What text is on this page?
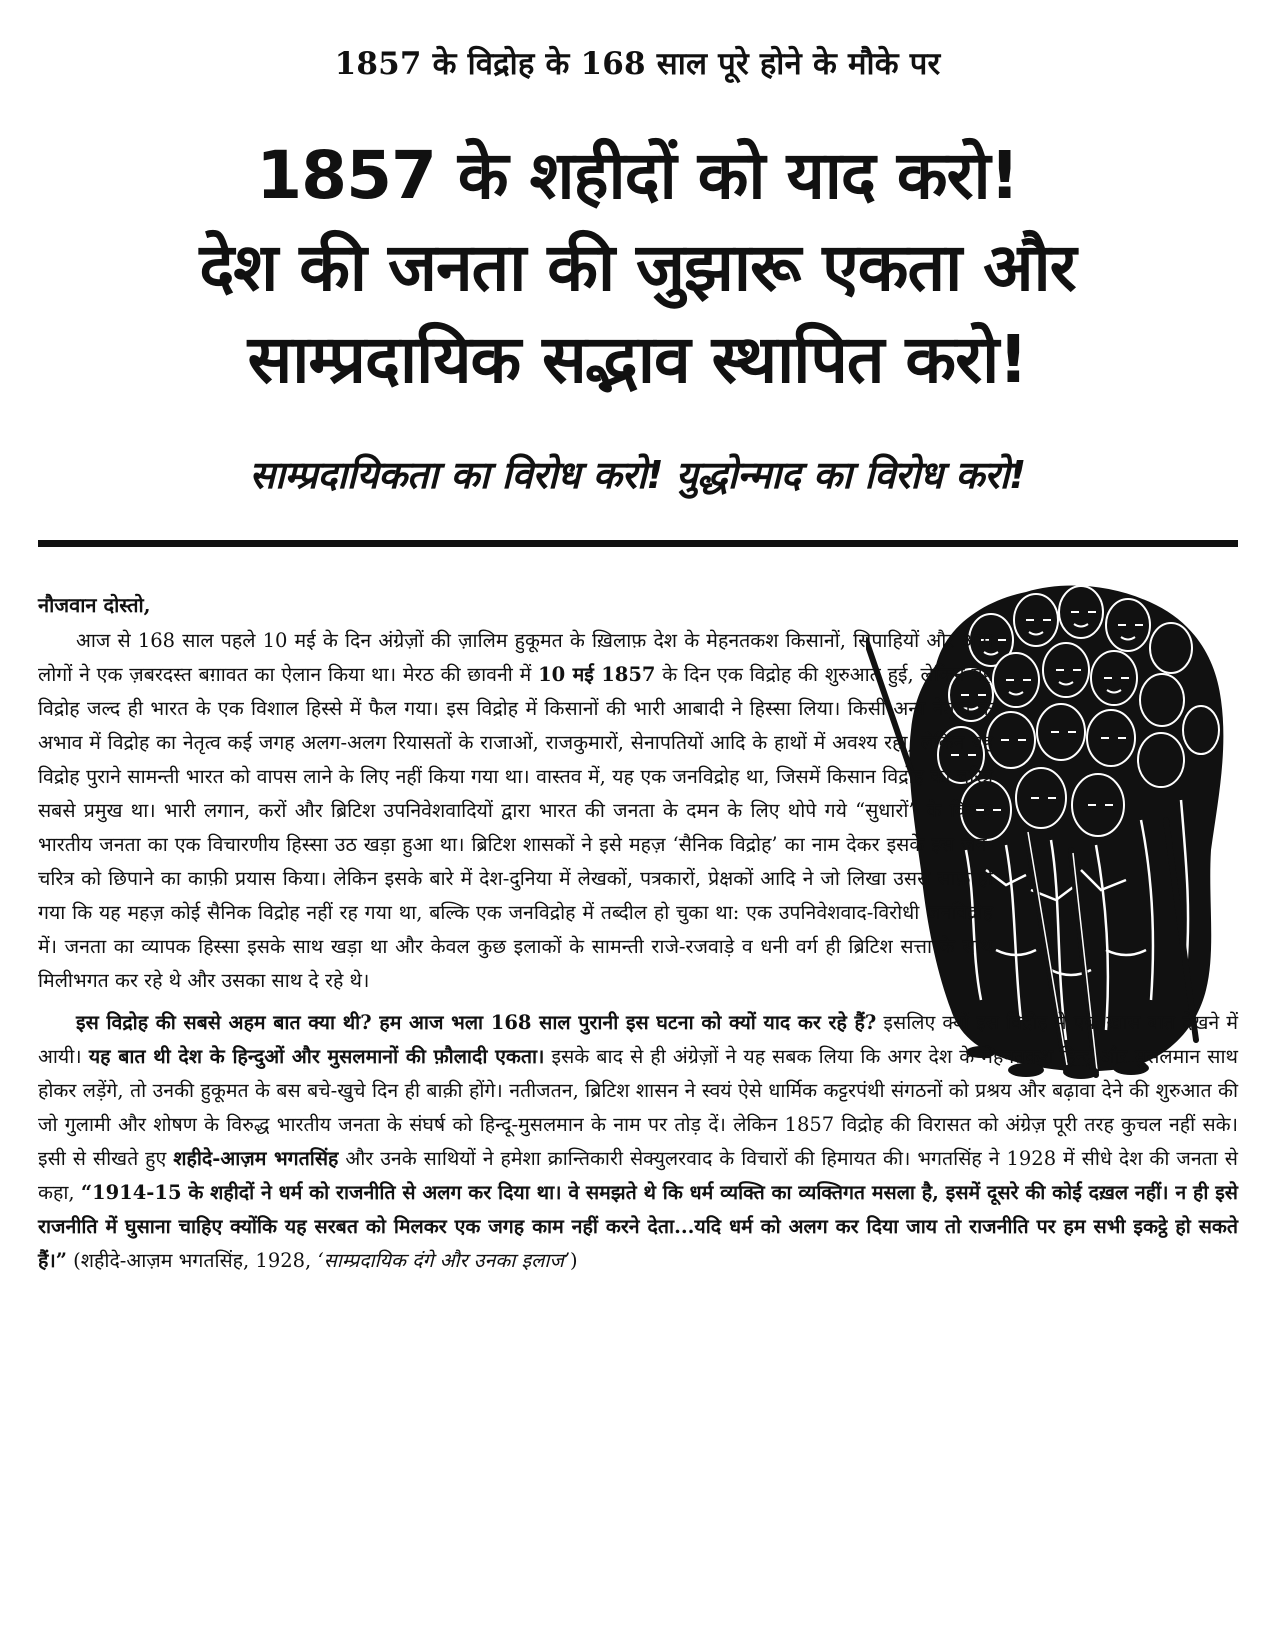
1857 के विद्रोह के 168 साल पूरे होने के मौके पर
1857 के शहीदों को याद करो!
देश की जनता की जुझारू एकता और
साम्प्रदायिक सद्भाव स्थापित करो!
साम्प्रदायिकता का विरोध करो! युद्धोन्माद का विरोध करो!
नौजवान दोस्तो,

आज से 168 साल पहले 10 मई के दिन अंग्रेज़ों की ज़ालिम हुकूमत के ख़िलाफ़ देश के मेहनतकश किसानों, सिपाहियों और आम लोगों ने एक ज़बरदस्त बग़ावत का ऐलान किया था। मेरठ की छावनी में 10 मई 1857 के दिन एक विद्रोह की शुरुआत हुई, लेकिन यह विद्रोह जल्द ही भारत के एक विशाल हिस्से में फैल गया। इस विद्रोह में किसानों की भारी आबादी ने हिस्सा लिया। किसी अन्य नेतृत्व के अभाव में विद्रोह का नेतृत्व कई जगह अलग-अलग रियासतों के राजाओं, राजकुमारों, सेनापतियों आदि के हाथों में अवश्य रहा, लेकिन यह विद्रोह पुराने सामन्ती भारत को वापस लाने के लिए नहीं किया गया था। वास्तव में, यह एक जनविद्रोह था, जिसमें किसान विद्रोह का चरित्र सबसे प्रमुख था। भारी लगान, करों और ब्रिटिश उपनिवेशवादियों द्वारा भारत की जनता के दमन के लिए थोपे गये “सुधारों” के विरुद्ध भारतीय जनता का एक विचारणीय हिस्सा उठ खड़ा हुआ था। ब्रिटिश शासकों ने इसे महज़ ‘सैनिक विद्रोह’ का नाम देकर इसके इस जन-चरित्र को छिपाने का काफ़ी प्रयास किया। लेकिन इसके बारे में देश-दुनिया में लेखकों, पत्रकारों, प्रेक्षकों आदि ने जो लिखा उससे साफ़ हो गया कि यह महज़ कोई सैनिक विद्रोह नहीं रह गया था, बल्कि एक जनविद्रोह में तब्दील हो चुका था: एक उपनिवेशवाद-विरोधी जनविद्रोह में। जनता का व्यापक हिस्सा इसके साथ खड़ा था और केवल कुछ इलाकों के सामन्ती राजे-रजवाड़े व धनी वर्ग ही ब्रिटिश सत्ता के साथ मिलीभगत कर रहे थे और उसका साथ दे रहे थे।

इस विद्रोह की सबसे अहम बात क्या थी? हम आज भला 168 साल पुरानी इस घटना को क्यों याद कर रहे हैं? इसलिए क्यों इस विद्रोह में एक ख़ास बात देखने में आयी। यह बात थी देश के हिन्दुओं और मुसलमानों की फ़ौलादी एकता। इसके बाद से ही अंग्रेज़ों ने यह सबक लिया कि अगर देश के मेहनतकश हिन्दू और मुसलमान साथ होकर लड़ेंगे, तो उनकी हुकूमत के बस बचे-खुचे दिन ही बाक़ी होंगे। नतीजतन, ब्रिटिश शासन ने स्वयं ऐसे धार्मिक कट्टरपंथी संगठनों को प्रश्रय और बढ़ावा देने की शुरुआत की जो गुलामी और शोषण के विरुद्ध भारतीय जनता के संघर्ष को हिन्दू-मुसलमान के नाम पर तोड़ दें। लेकिन 1857 विद्रोह की विरासत को अंग्रेज़ पूरी तरह कुचल नहीं सके। इसी से सीखते हुए शहीदे-आज़म भगतसिंह और उनके साथियों ने हमेशा क्रान्तिकारी सेक्युलरवाद के विचारों की हिमायत की। भगतसिंह ने 1928 में सीधे देश की जनता से कहा, “1914-15 के शहीदों ने धर्म को राजनीति से अलग कर दिया था। वे समझते थे कि धर्म व्यक्ति का व्यक्तिगत मसला है, इसमें दूसरे की कोई दख़ल नहीं। न ही इसे राजनीति में घुसाना चाहिए क्योंकि यह सरबत को मिलकर एक जगह काम नहीं करने देता...यदि धर्म को अलग कर दिया जाय तो राजनीति पर हम सभी इकट्ठे हो सकते हैं।” (शहीदे-आज़म भगतसिंह, 1928, ‘साम्प्रदायिक दंगे और उनका इलाज’)
